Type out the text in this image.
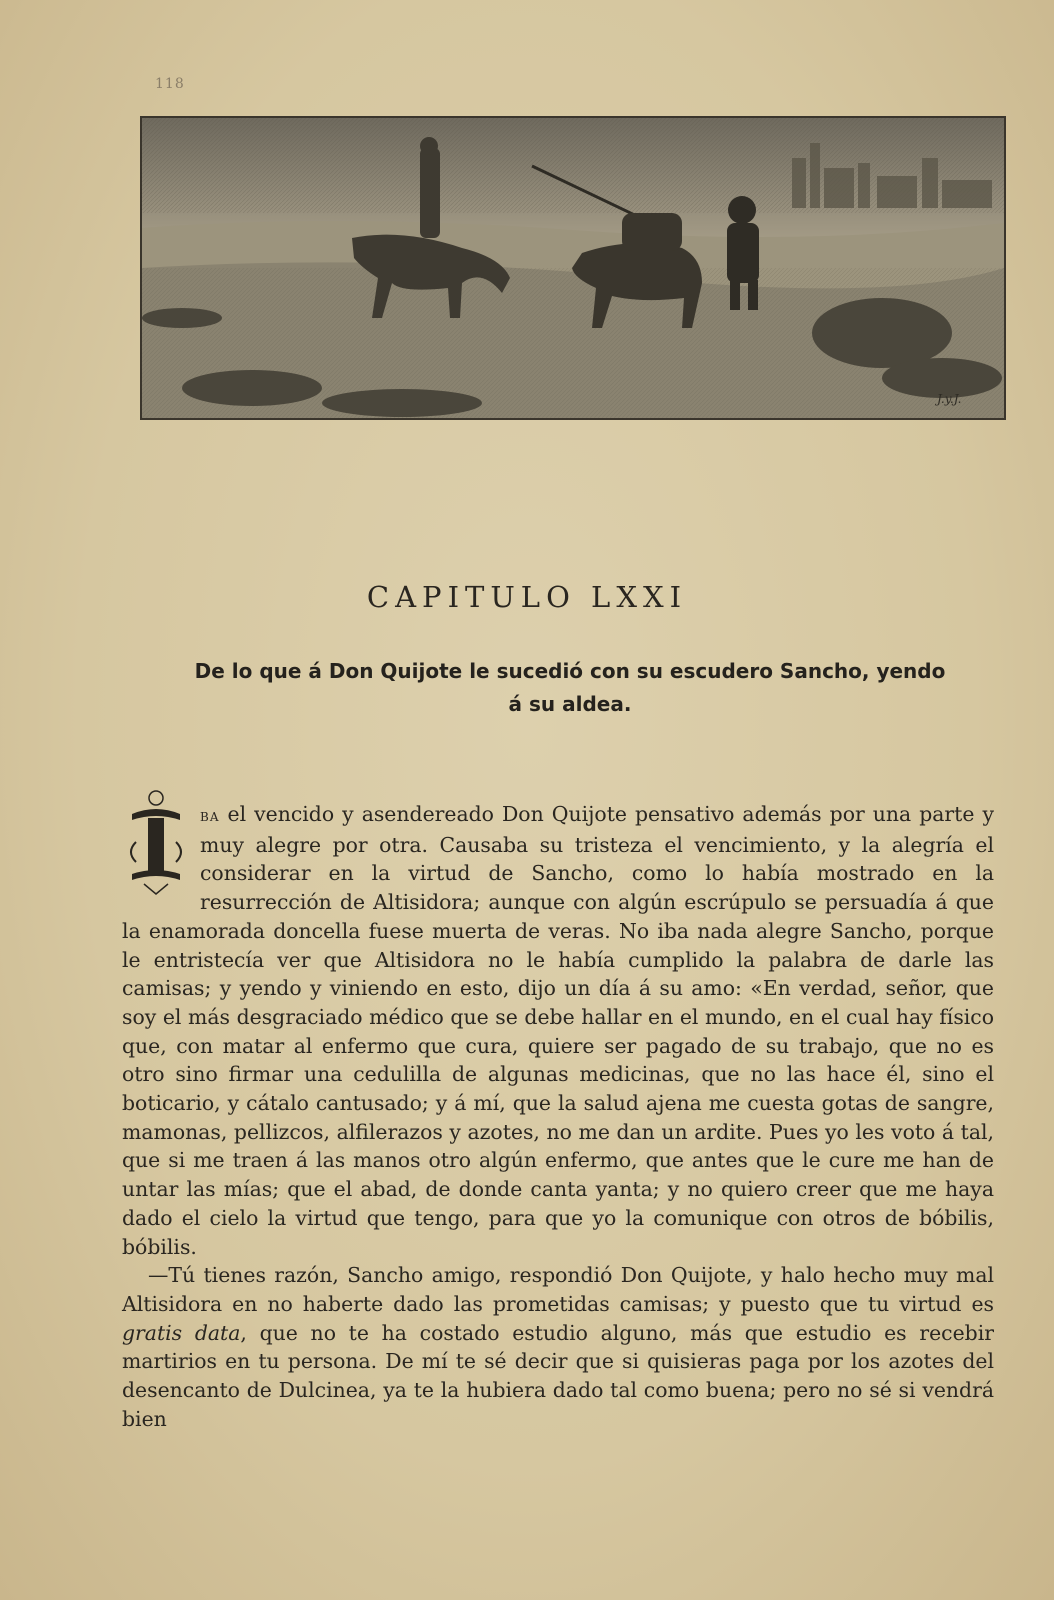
118
J.y.J.
CAPITULO LXXI
De lo que á Don Quijote le sucedió con su escudero Sancho, yendo á su aldea.

I
ba el vencido y asendereado Don Quijote pensativo además por una parte y muy alegre por otra. Causaba su tristeza el vencimiento, y la alegría el considerar en la virtud de Sancho, como lo había mostrado en la resurrección de Altisidora; aunque con algún escrúpulo se persuadía á que la enamorada doncella fuese muerta de veras. No iba nada alegre Sancho, porque le entristecía ver que Altisidora no le había cumplido la palabra de darle las camisas; y yendo y viniendo en esto, dijo un día á su amo: «En verdad, señor, que soy el más desgraciado médico que se debe hallar en el mundo, en el cual hay físico que, con matar al enfermo que cura, quiere ser pagado de su trabajo, que no es otro sino firmar una cedulilla de algunas medicinas, que no las hace él, sino el boticario, y cátalo cantusado; y á mí, que la salud ajena me cuesta gotas de sangre, mamonas, pellizcos, alfilerazos y azotes, no me dan un ardite. Pues yo les voto á tal, que si me traen á las manos otro algún enfermo, que antes que le cure me han de untar las mías; que el abad, de donde canta yanta; y no quiero creer que me haya dado el cielo la virtud que tengo, para que yo la comunique con otros de bóbilis, bóbilis.

—Tú tienes razón, Sancho amigo, respondió Don Quijote, y halo hecho muy mal Altisidora en no haberte dado las prometidas camisas; y puesto que tu virtud es gratis data, que no te ha costado estudio alguno, más que estudio es recebir martirios en tu persona. De mí te sé decir que si quisieras paga por los azotes del desencanto de Dulcinea, ya te la hubiera dado tal como buena; pero no sé si vendrá bien
